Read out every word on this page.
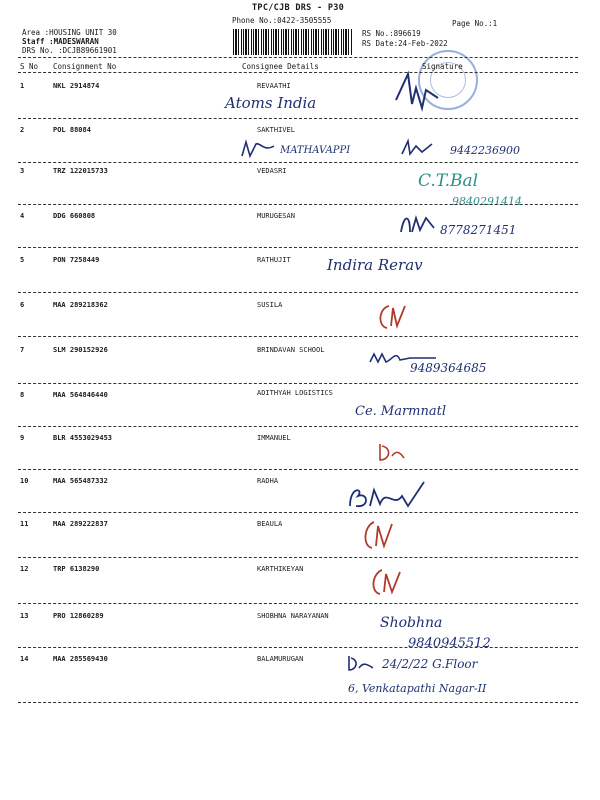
TPC/CJB DRS - P30
Phone No.:0422-3505555	Page No.:1
Area :HOUSING UNIT 30
Staff :MADESWARAN
DRS No. :DCJB89661901
RS No.:896619
RS Date:24-Feb-2022
S No Consignment No	Consignee Details	Signature
1	NKL 2914874	REVAATHI
Atoms India
2	POL 88084	SAKTHIVEL
MATHAVAPPI	9442236900
3	TRZ 122015733	VEDASRI	C.T.Bal
9840291414
4	DDG 660808	MURUGESAN
8778271451
5	PON 7258449	RATHUJIT Indira Rerav
6	MAA 289218362	SUSILA
7	SLM 290152926	BRINDAVAN SCHOOL
9489364685
8	MAA 564846440	ADITHYAH LOGISTICS
Ce. Marmnatl
9	BLR 4553029453	IMMANUEL
10	MAA 565487332	RADHA
11	MAA 289222837	BEAULA
12	TRP 6138290	KARTHIKEYAN
13	PRO 12860289	SHOBHNA NARAYANAN	Shobhna
9840945512
14	MAA 285569430	BALAMURUGAN	24/2/22 G.Floor
6, Venkatapathi Nagar-II
